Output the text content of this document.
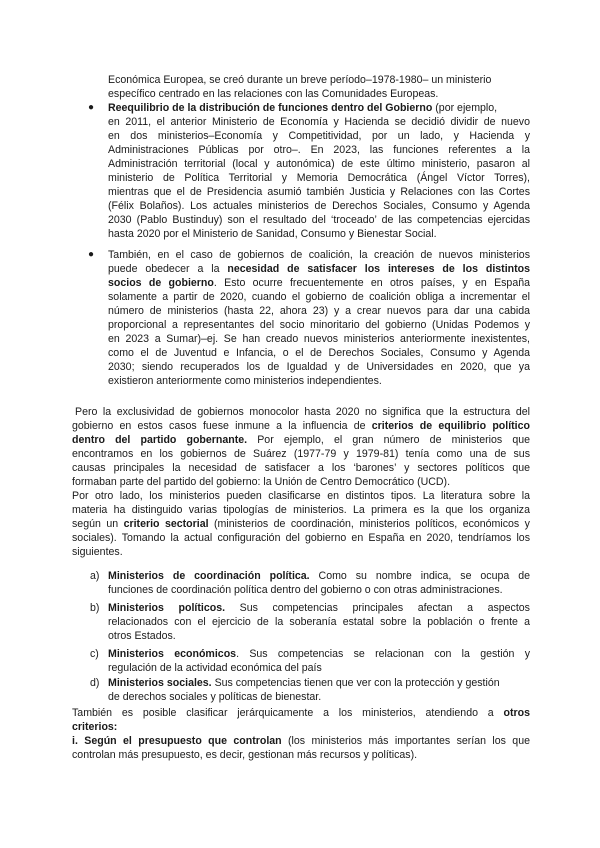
Económica Europea, se creó durante un breve período–1978-1980– un ministerio
específico centrado en las relaciones con las Comunidades Europeas.
● Reequilibrio de la distribución de funciones dentro del Gobierno (por ejemplo,
en 2011, el anterior Ministerio de Economía y Hacienda se decidió dividir de nuevo
en dos ministerios–Economía y Competitividad, por un lado, y Hacienda y
Administraciones Públicas por otro–. En 2023, las funciones referentes a la
Administración territorial (local y autonómica) de este último ministerio, pasaron al
ministerio de Política Territorial y Memoria Democrática (Ángel Víctor Torres),
mientras que el de Presidencia asumió también Justicia y Relaciones con las Cortes
(Félix Bolaños). Los actuales ministerios de Derechos Sociales, Consumo y Agenda
2030 (Pablo Bustinduy) son el resultado del ‘troceado’ de las competencias ejercidas
hasta 2020 por el Ministerio de Sanidad, Consumo y Bienestar Social.
● También, en el caso de gobiernos de coalición, la creación de nuevos ministerios
puede obedecer a la necesidad de satisfacer los intereses de los distintos
socios de gobierno. Esto ocurre frecuentemente en otros países, y en España
solamente a partir de 2020, cuando el gobierno de coalición obliga a incrementar el
número de ministerios (hasta 22, ahora 23) y a crear nuevos para dar una cabida
proporcional a representantes del socio minoritario del gobierno (Unidas Podemos y
en 2023 a Sumar)–ej. Se han creado nuevos ministerios anteriormente inexistentes,
como el de Juventud e Infancia, o el de Derechos Sociales, Consumo y Agenda
2030; siendo recuperados los de Igualdad y de Universidades en 2020, que ya
existieron anteriormente como ministerios independientes.
Pero la exclusividad de gobiernos monocolor hasta 2020 no significa que la estructura del
gobierno en estos casos fuese inmune a la influencia de criterios de equilibrio político
dentro del partido gobernante. Por ejemplo, el gran número de ministerios que
encontramos en los gobiernos de Suárez (1977-79 y 1979-81) tenía como una de sus
causas principales la necesidad de satisfacer a los ‘barones’ y sectores políticos que
formaban parte del partido del gobierno: la Unión de Centro Democrático (UCD).
Por otro lado, los ministerios pueden clasificarse en distintos tipos. La literatura sobre la
materia ha distinguido varias tipologías de ministerios. La primera es la que los organiza
según un criterio sectorial (ministerios de coordinación, ministerios políticos, económicos y
sociales). Tomando la actual configuración del gobierno en España en 2020, tendríamos los
siguientes.
a) Ministerios de coordinación política. Como su nombre indica, se ocupa de
funciones de coordinación política dentro del gobierno o con otras administraciones.
b) Ministerios políticos. Sus competencias principales afectan a aspectos
relacionados con el ejercicio de la soberanía estatal sobre la población o frente a
otros Estados.
c) Ministerios económicos. Sus competencias se relacionan con la gestión y
regulación de la actividad económica del país
d) Ministerios sociales. Sus competencias tienen que ver con la protección y gestión
de derechos sociales y políticas de bienestar.
También es posible clasificar jerárquicamente a los ministerios, atendiendo a otros
criterios:
i. Según el presupuesto que controlan (los ministerios más importantes serían los que
controlan más presupuesto, es decir, gestionan más recursos y políticas).
